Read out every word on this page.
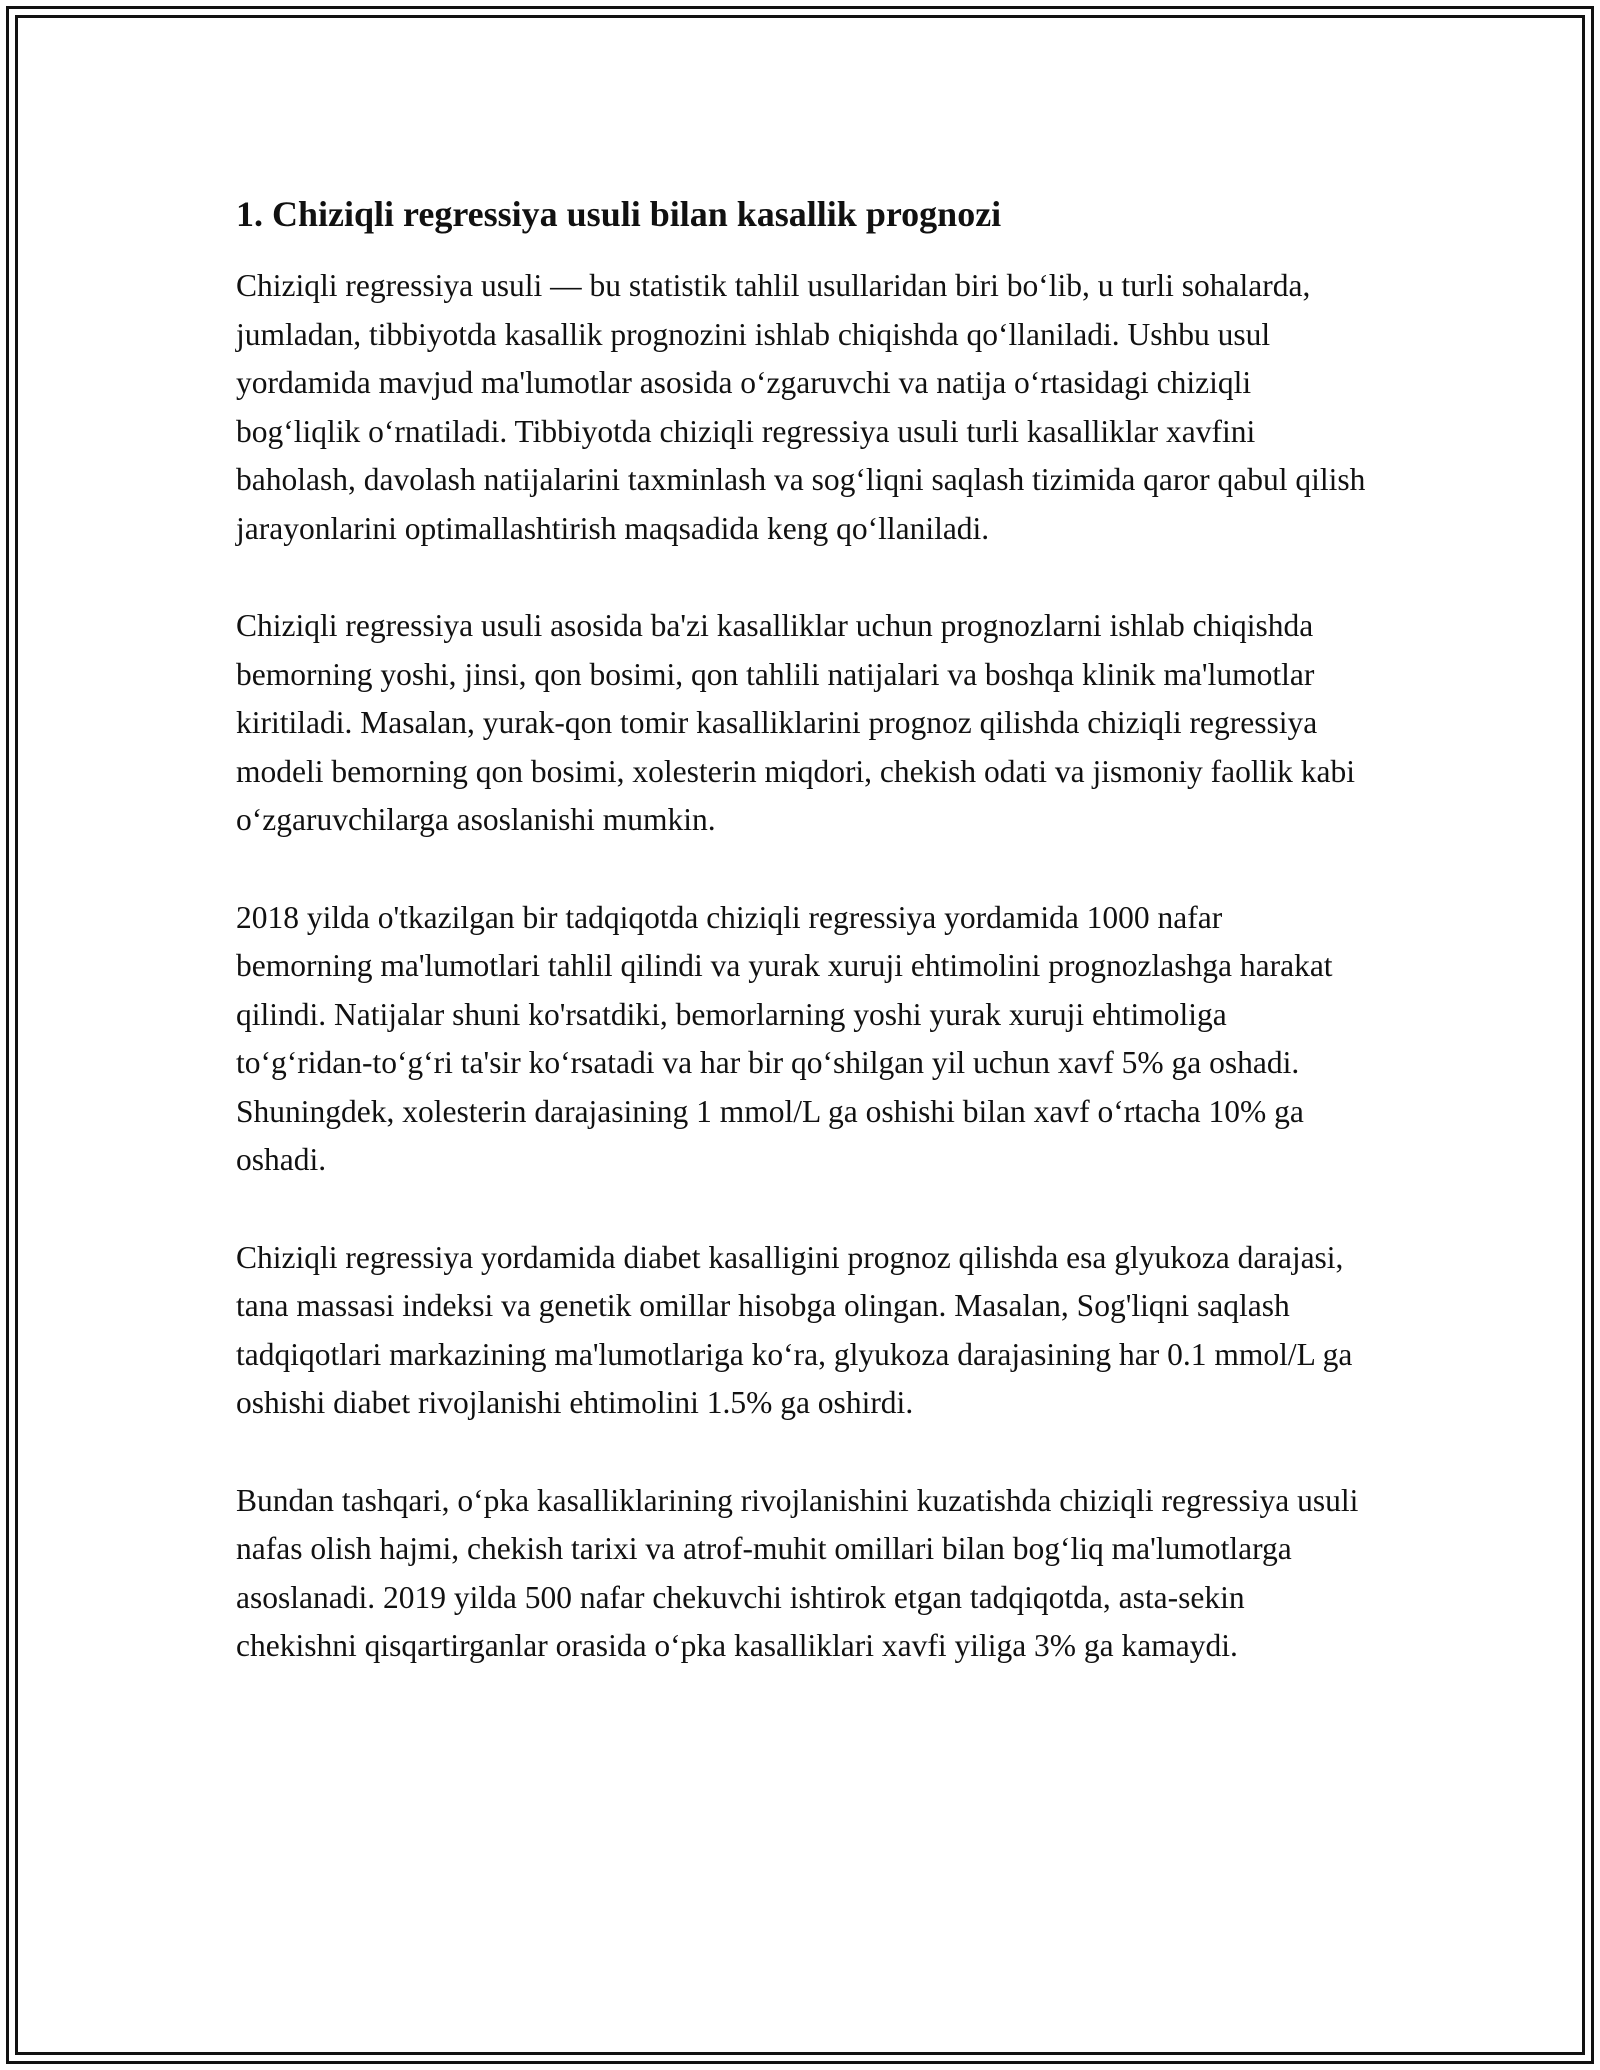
1. Chiziqli regressiya usuli bilan kasallik prognozi

Chiziqli regressiya usuli — bu statistik tahlil usullaridan biri bo‘lib, u turli sohalarda, jumladan, tibbiyotda kasallik prognozini ishlab chiqishda qo‘llaniladi. Ushbu usul yordamida mavjud ma'lumotlar asosida o‘zgaruvchi va natija o‘rtasidagi chiziqli bog‘liqlik o‘rnatiladi. Tibbiyotda chiziqli regressiya usuli turli kasalliklar xavfini baholash, davolash natijalarini taxminlash va sog‘liqni saqlash tizimida qaror qabul qilish jarayonlarini optimallashtirish maqsadida keng qo‘llaniladi.

Chiziqli regressiya usuli asosida ba'zi kasalliklar uchun prognozlarni ishlab chiqishda bemorning yoshi, jinsi, qon bosimi, qon tahlili natijalari va boshqa klinik ma'lumotlar kiritiladi. Masalan, yurak-qon tomir kasalliklarini prognoz qilishda chiziqli regressiya modeli bemorning qon bosimi, xolesterin miqdori, chekish odati va jismoniy faollik kabi o‘zgaruvchilarga asoslanishi mumkin.

2018 yilda o'tkazilgan bir tadqiqotda chiziqli regressiya yordamida 1000 nafar bemorning ma'lumotlari tahlil qilindi va yurak xuruji ehtimolini prognozlashga harakat qilindi. Natijalar shuni ko'rsatdiki, bemorlarning yoshi yurak xuruji ehtimoliga to‘g‘ridan-to‘g‘ri ta'sir ko‘rsatadi va har bir qo‘shilgan yil uchun xavf 5% ga oshadi. Shuningdek, xolesterin darajasining 1 mmol/L ga oshishi bilan xavf o‘rtacha 10% ga oshadi.

Chiziqli regressiya yordamida diabet kasalligini prognoz qilishda esa glyukoza darajasi, tana massasi indeksi va genetik omillar hisobga olingan. Masalan, Sog'liqni saqlash tadqiqotlari markazining ma'lumotlariga ko‘ra, glyukoza darajasining har 0.1 mmol/L ga oshishi diabet rivojlanishi ehtimolini 1.5% ga oshirdi.

Bundan tashqari, o‘pka kasalliklarining rivojlanishini kuzatishda chiziqli regressiya usuli nafas olish hajmi, chekish tarixi va atrof-muhit omillari bilan bog‘liq ma'lumotlarga asoslanadi. 2019 yilda 500 nafar chekuvchi ishtirok etgan tadqiqotda, asta-sekin chekishni qisqartirganlar orasida o‘pka kasalliklari xavfi yiliga 3% ga kamaydi.
